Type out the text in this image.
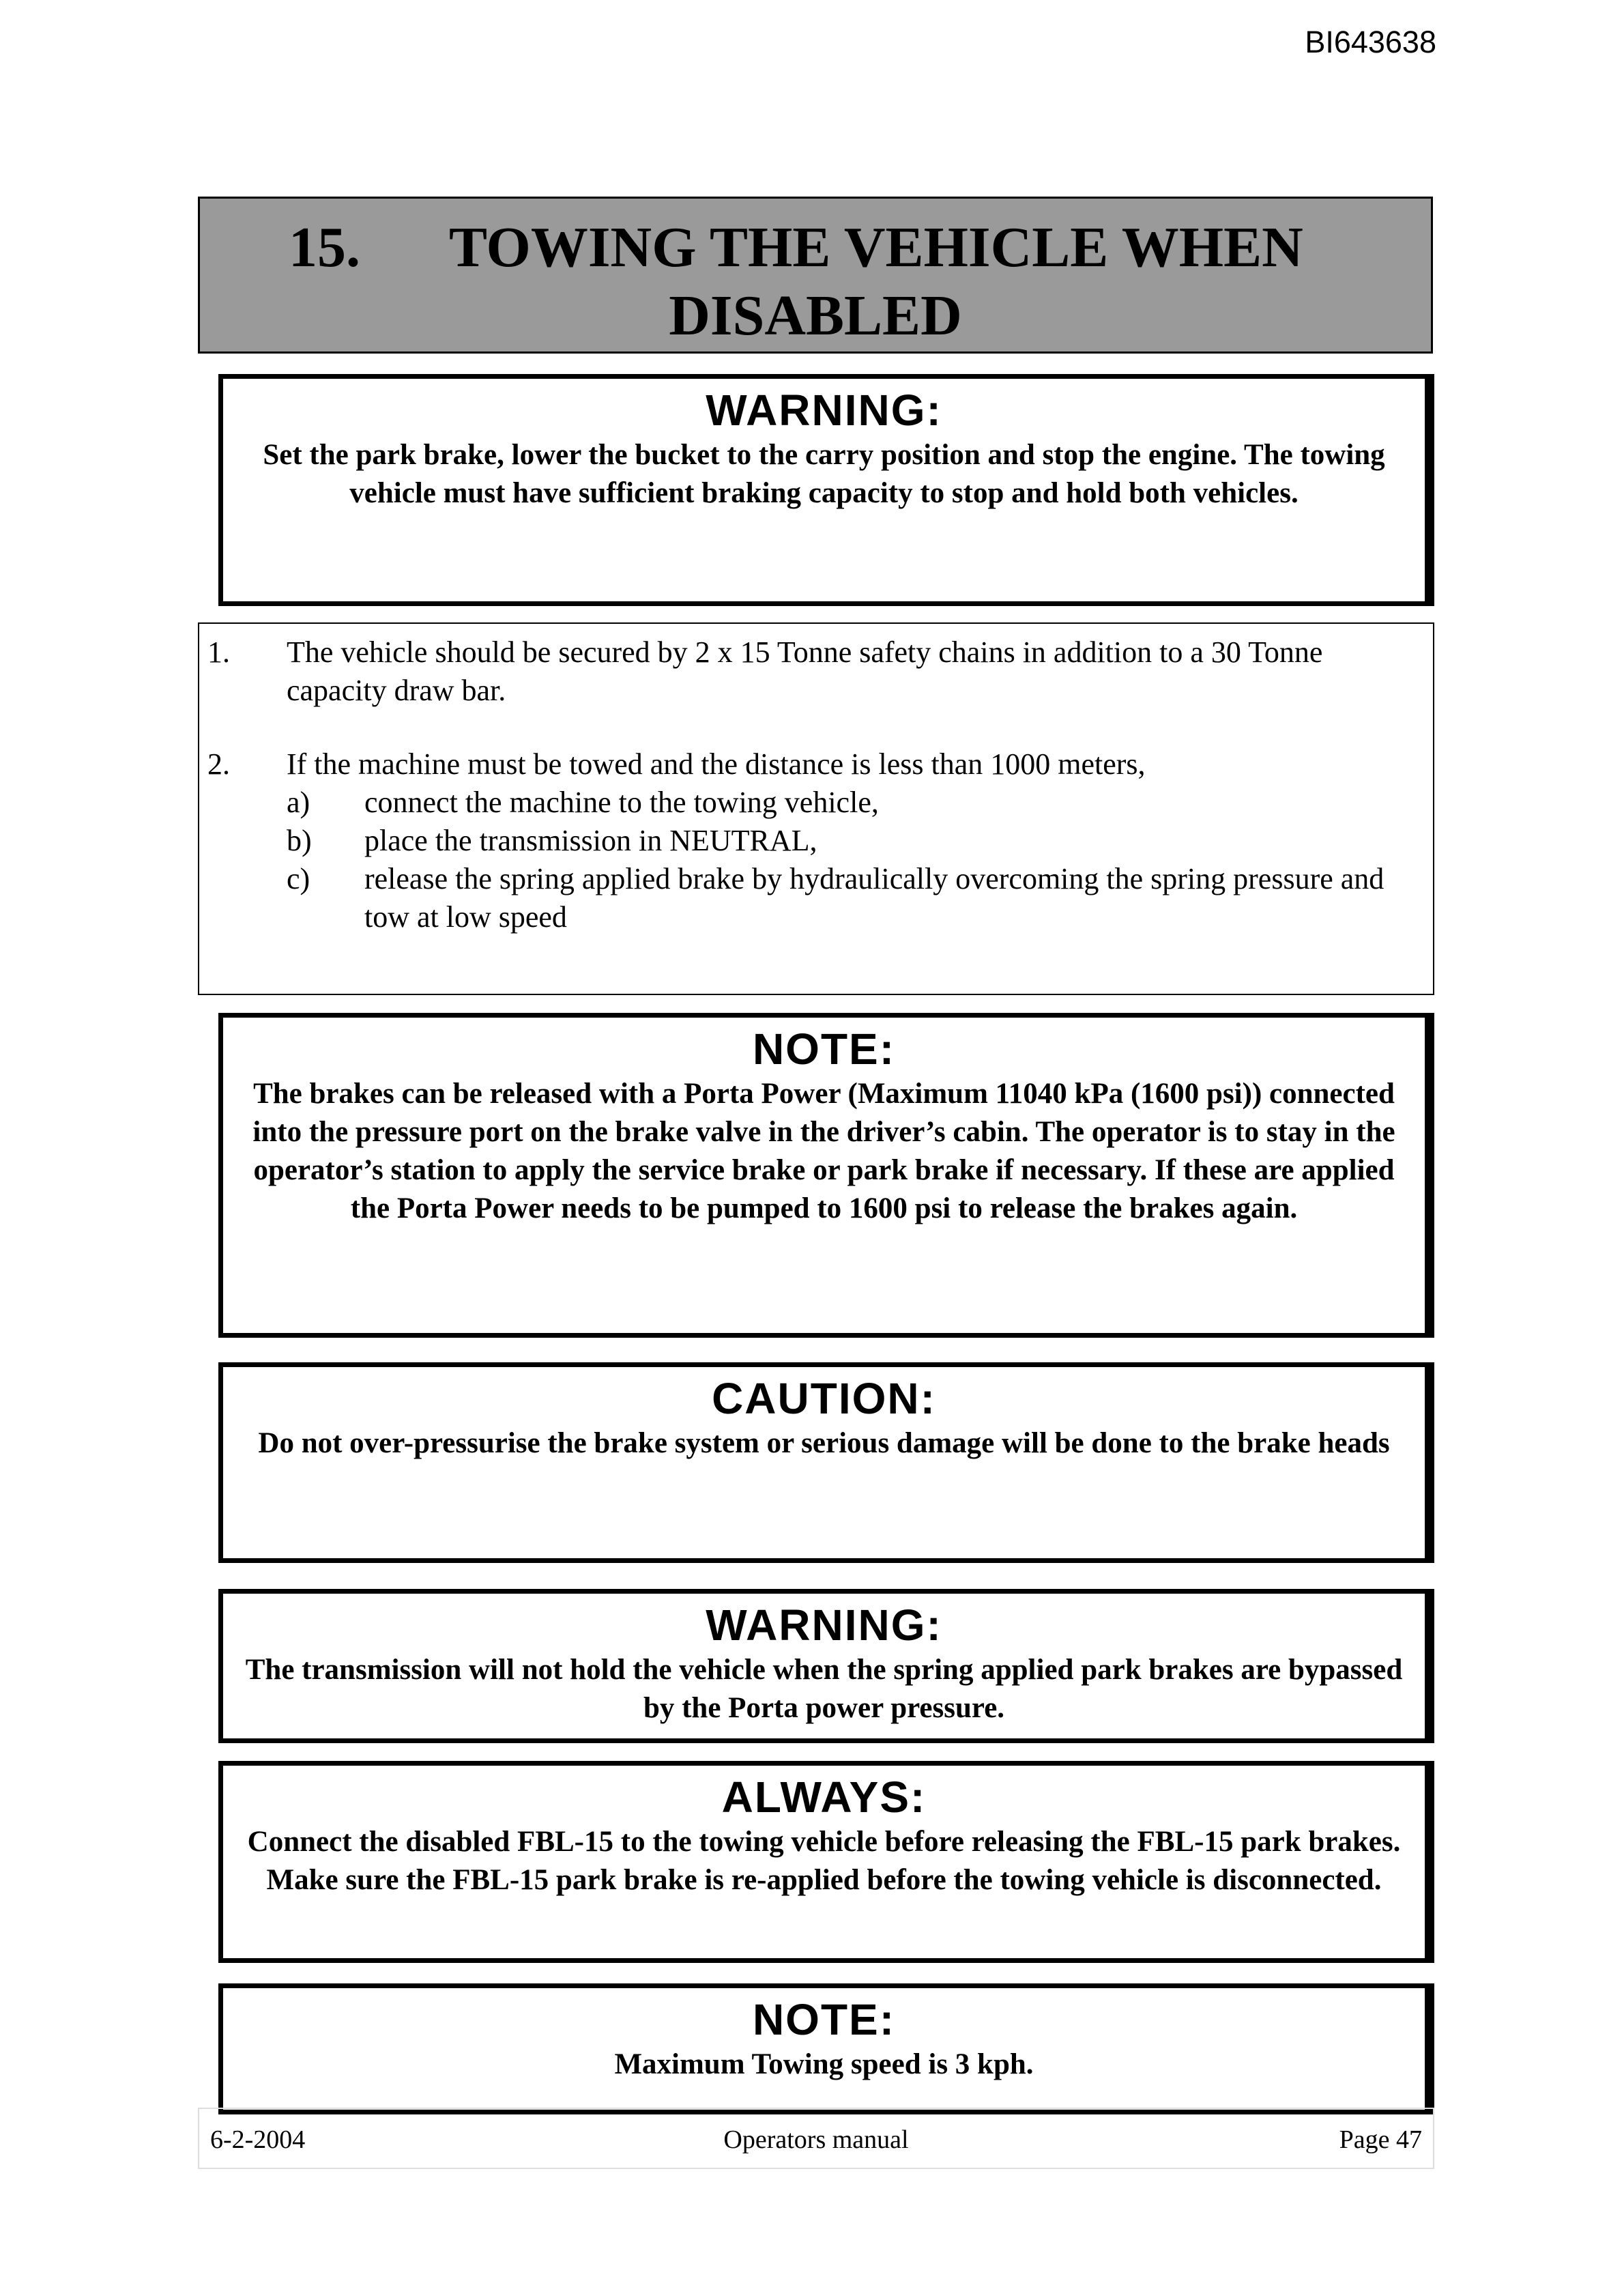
BI643638
15. TOWING THE VEHICLE WHEN
DISABLED
WARNING:
Set the park brake, lower the bucket to the carry position and stop the engine. The towing vehicle must have sufficient braking capacity to stop and hold both vehicles.
1. The vehicle should be secured by 2 x 15 Tonne safety chains in addition to a 30 Tonne capacity draw bar.
2. If the machine must be towed and the distance is less than 1000 meters,
a) connect the machine to the towing vehicle,
b) place the transmission in NEUTRAL,
c) release the spring applied brake by hydraulically overcoming the spring pressure and tow at low speed
NOTE:
The brakes can be released with a Porta Power (Maximum 11040 kPa (1600 psi)) connected into the pressure port on the brake valve in the driver’s cabin. The operator is to stay in the operator’s station to apply the service brake or park brake if necessary. If these are applied the Porta Power needs to be pumped to 1600 psi to release the brakes again.
CAUTION:
Do not over-pressurise the brake system or serious damage will be done to the brake heads
WARNING:
The transmission will not hold the vehicle when the spring applied park brakes are bypassed by the Porta power pressure.
ALWAYS:
Connect the disabled FBL-15 to the towing vehicle before releasing the FBL-15 park brakes.    Make sure the FBL-15 park brake is re-applied before the towing vehicle is disconnected.
NOTE:
Maximum Towing speed is 3 kph.
6-2-2004	Operators manual	Page 47
